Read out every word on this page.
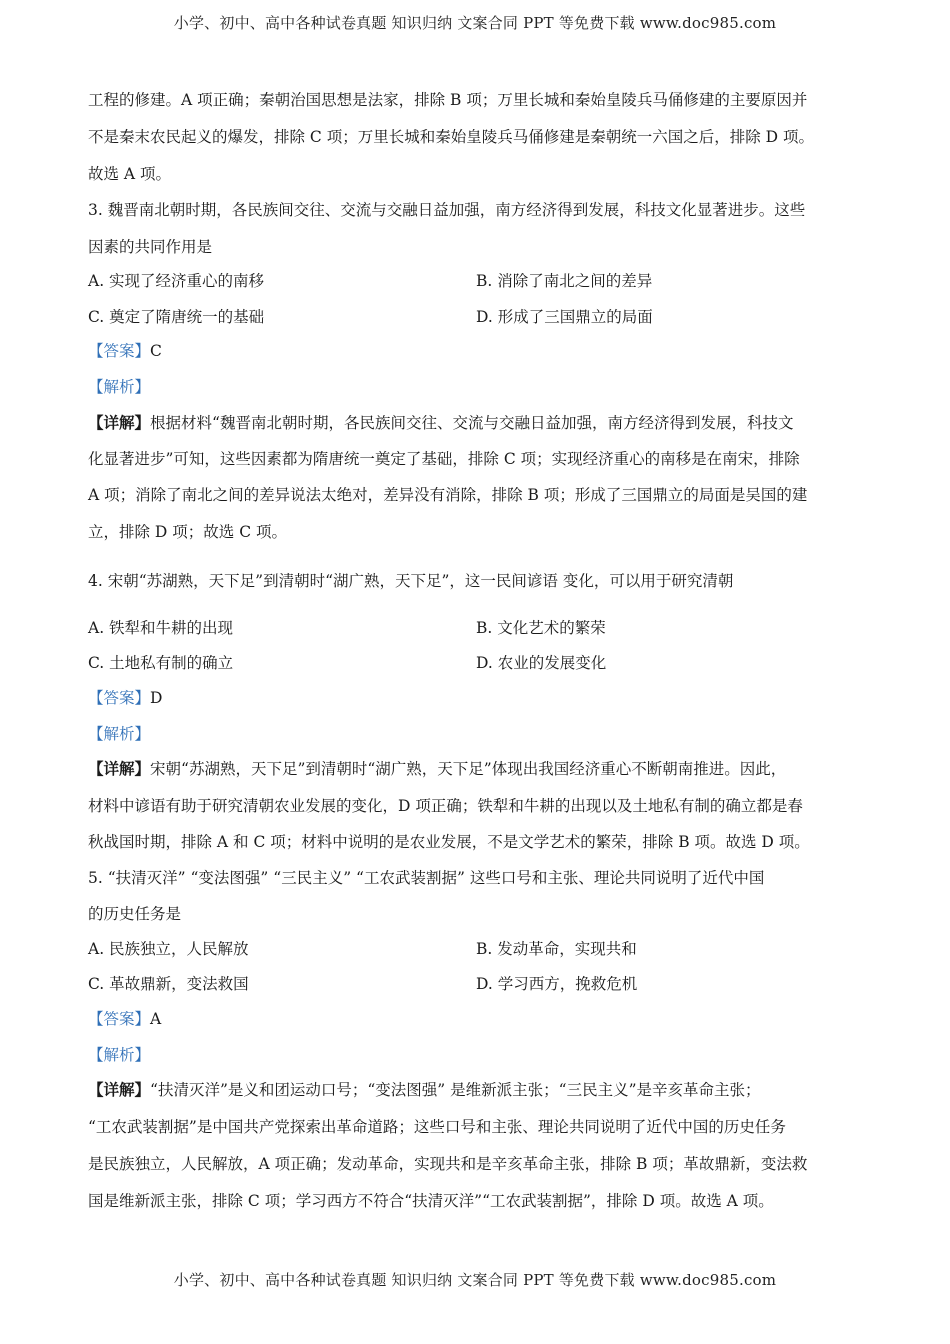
小学、初中、高中各种试卷真题 知识归纳 文案合同 PPT 等免费下载 www.doc985.com
工程的修建。A 项正确；秦朝治国思想是法家，排除 B 项；万里长城和秦始皇陵兵马俑修建的主要原因并
不是秦末农民起义的爆发，排除 C 项；万里长城和秦始皇陵兵马俑修建是秦朝统一六国之后，排除 D 项。
故选 A 项。
3. 魏晋南北朝时期，各民族间交往、交流与交融日益加强，南方经济得到发展，科技文化显著进步。这些
因素的共同作用是
A. 实现了经济重心的南移	B. 消除了南北之间的差异
C. 奠定了隋唐统一的基础	D. 形成了三国鼎立的局面
【答案】C
【解析】
【详解】根据材料“魏晋南北朝时期，各民族间交往、交流与交融日益加强，南方经济得到发展，科技文
化显著进步”可知，这些因素都为隋唐统一奠定了基础，排除 C 项；实现经济重心的南移是在南宋，排除
A 项；消除了南北之间的差异说法太绝对，差异没有消除，排除 B 项；形成了三国鼎立的局面是吴国的建
立，排除 D 项；故选 C 项。
4. 宋朝“苏湖熟，天下足”到清朝时“湖广熟，天下足”，这一民间谚语 变化，可以用于研究清朝
A. 铁犁和牛耕的出现	B. 文化艺术的繁荣
C. 土地私有制的确立	D. 农业的发展变化
【答案】D
【解析】
【详解】宋朝“苏湖熟，天下足”到清朝时“湖广熟，天下足”体现出我国经济重心不断朝南推进。因此，
材料中谚语有助于研究清朝农业发展的变化，D 项正确；铁犁和牛耕的出现以及土地私有制的确立都是春
秋战国时期，排除 A 和 C 项；材料中说明的是农业发展，不是文学艺术的繁荣，排除 B 项。故选 D 项。
5. “扶清灭洋” “变法图强” “三民主义” “工农武装割据” 这些口号和主张、理论共同说明了近代中国
的历史任务是
A. 民族独立，人民解放	B. 发动革命，实现共和
C. 革故鼎新，变法救国	D. 学习西方，挽救危机
【答案】A
【解析】
【详解】“扶清灭洋”是义和团运动口号；“变法图强” 是维新派主张；“三民主义”是辛亥革命主张；
“工农武装割据”是中国共产党探索出革命道路；这些口号和主张、理论共同说明了近代中国的历史任务
是民族独立，人民解放，A 项正确；发动革命，实现共和是辛亥革命主张，排除 B 项；革故鼎新，变法救
国是维新派主张，排除 C 项；学习西方不符合“扶清灭洋”“工农武装割据”，排除 D 项。故选 A 项。
小学、初中、高中各种试卷真题 知识归纳 文案合同 PPT 等免费下载 www.doc985.com
